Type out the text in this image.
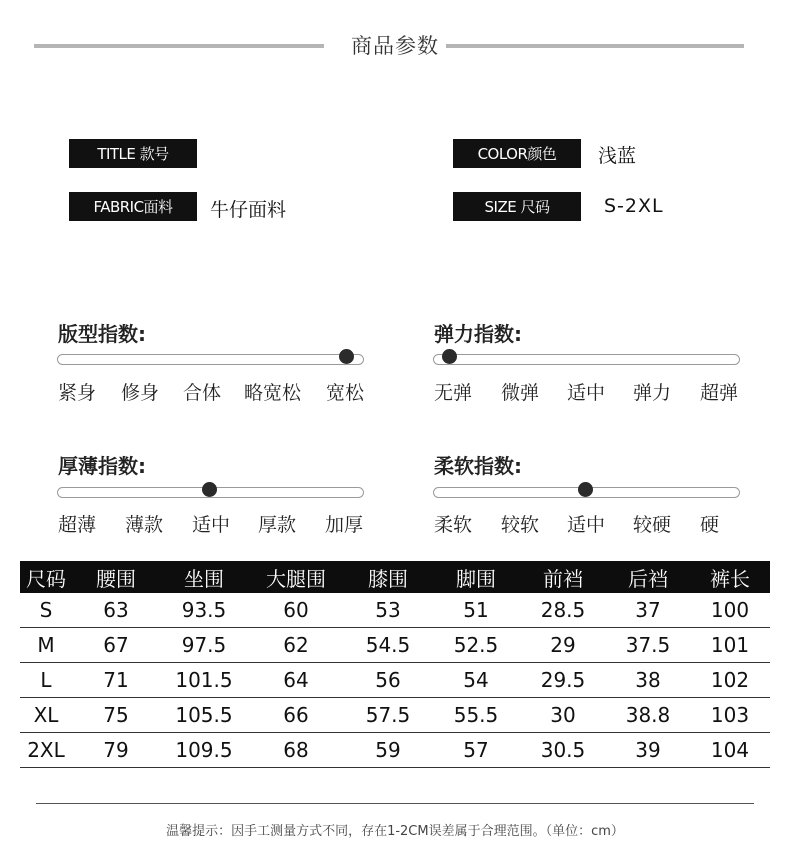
商品参数
TITLE 款号
FABRIC面料	牛仔面料
COLOR颜色	浅蓝
SIZE 尺码	S-2XL
版型指数:
紧身 修身 合体 略宽松 宽松
弹力指数:
无弹 微弹 适中 弹力 超弹
厚薄指数:
超薄 薄款 适中 厚款 加厚
柔软指数:
柔软 较软 适中 较硬 硬
尺码	腰围	坐围	大腿围	膝围	脚围	前裆	后裆	裤长
S	63	93.5	60	53	51	28.5	37	100
M	67	97.5	62	54.5	52.5	29	37.5	101
L	71	101.5	64	56	54	29.5	38	102
XL	75	105.5	66	57.5	55.5	30	38.8	103
2XL	79	109.5	68	59	57	30.5	39	104
温馨提示：因手工测量方式不同，存在1-2CM误差属于合理范围。（单位：cm）
